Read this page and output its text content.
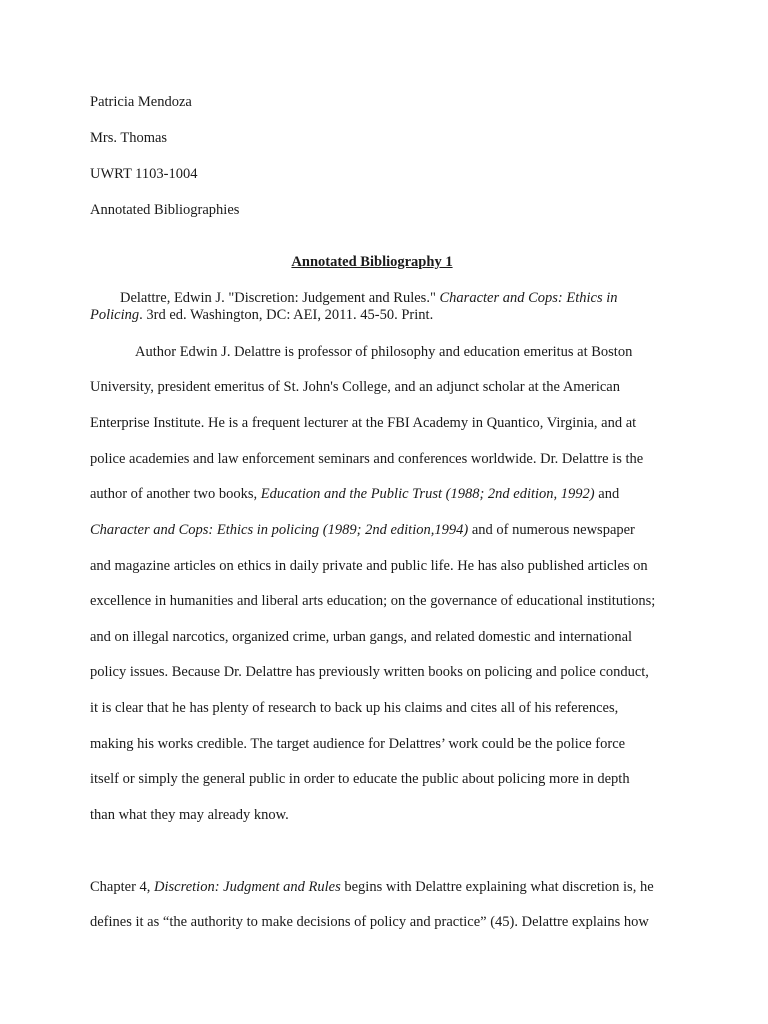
Patricia Mendoza
Mrs. Thomas
UWRT 1103-1004
Annotated Bibliographies
Annotated Bibliography 1
Delattre, Edwin J. "Discretion: Judgement and Rules." Character and Cops: Ethics in
Policing. 3rd ed. Washington, DC: AEI, 2011. 45-50. Print.
Author Edwin J. Delattre is professor of philosophy and education emeritus at Boston
University, president emeritus of St. John's College, and an adjunct scholar at the American
Enterprise Institute. He is a frequent lecturer at the FBI Academy in Quantico, Virginia, and at
police academies and law enforcement seminars and conferences worldwide. Dr. Delattre is the
author of another two books, Education and the Public Trust (1988; 2nd edition, 1992) and
Character and Cops: Ethics in policing (1989; 2nd edition,1994) and of numerous newspaper
and magazine articles on ethics in daily private and public life. He has also published articles on
excellence in humanities and liberal arts education; on the governance of educational institutions;
and on illegal narcotics, organized crime, urban gangs, and related domestic and international
policy issues. Because Dr. Delattre has previously written books on policing and police conduct,
it is clear that he has plenty of research to back up his claims and cites all of his references,
making his works credible. The target audience for Delattres’ work could be the police force
itself or simply the general public in order to educate the public about policing more in depth
than what they may already know.
Chapter 4, Discretion: Judgment and Rules begins with Delattre explaining what discretion is, he
defines it as “the authority to make decisions of policy and practice” (45). Delattre explains how
